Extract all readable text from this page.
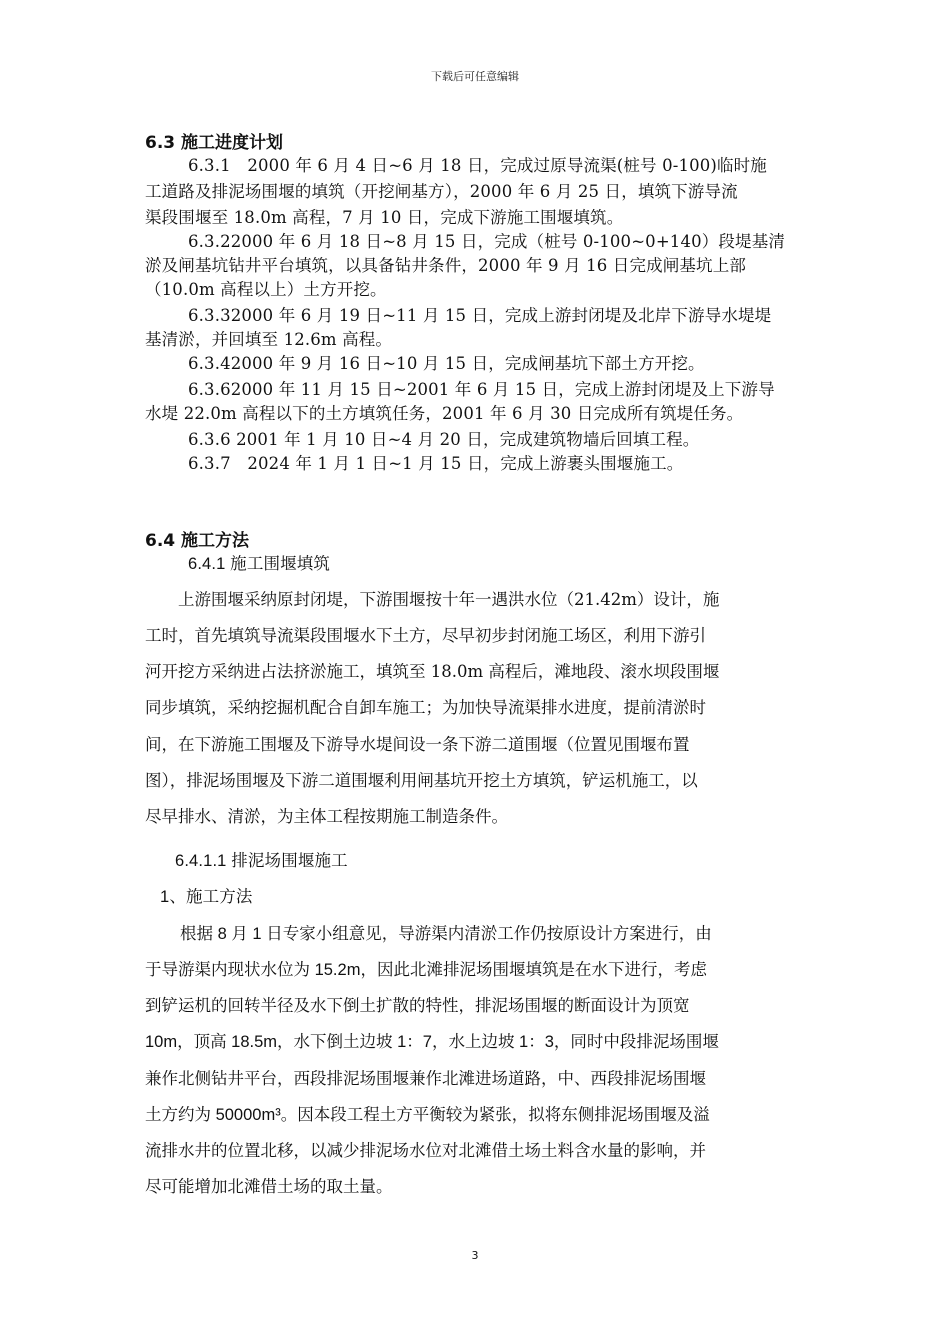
下载后可任意编辑
6.3 施工进度计划
6.3.1　2000 年 6 月 4 日~6 月 18 日，完成过原导流渠(桩号 0-100)临时施
工道路及排泥场围堰的填筑（开挖闸基方），2000 年 6 月 25 日，填筑下游导流
渠段围堰至 18.0m 高程，7 月 10 日，完成下游施工围堰填筑。
6.3.22000 年 6 月 18 日~8 月 15 日，完成（桩号 0-100~0+140）段堤基清
淤及闸基坑钻井平台填筑，以具备钻井条件，2000 年 9 月 16 日完成闸基坑上部
（10.0m 高程以上）土方开挖。
6.3.32000 年 6 月 19 日~11 月 15 日，完成上游封闭堤及北岸下游导水堤堤
基清淤，并回填至 12.6m 高程。
6.3.42000 年 9 月 16 日~10 月 15 日，完成闸基坑下部土方开挖。
6.3.62000 年 11 月 15 日~2001 年 6 月 15 日，完成上游封闭堤及上下游导
水堤 22.0m 高程以下的土方填筑任务，2001 年 6 月 30 日完成所有筑堤任务。
6.3.6 2001 年 1 月 10 日~4 月 20 日，完成建筑物墙后回填工程。
6.3.7　2024 年 1 月 1 日~1 月 15 日，完成上游裹头围堰施工。
6.4 施工方法
6.4.1 施工围堰填筑
上游围堰采纳原封闭堤，下游围堰按十年一遇洪水位（21.42m）设计，施
工时，首先填筑导流渠段围堰水下土方，尽早初步封闭施工场区，利用下游引
河开挖方采纳进占法挤淤施工，填筑至 18.0m 高程后，滩地段、滚水坝段围堰
同步填筑，采纳挖掘机配合自卸车施工；为加快导流渠排水进度，提前清淤时
间，在下游施工围堰及下游导水堤间设一条下游二道围堰（位置见围堰布置
图），排泥场围堰及下游二道围堰利用闸基坑开挖土方填筑，铲运机施工，以
尽早排水、清淤，为主体工程按期施工制造条件。
6.4.1.1 排泥场围堰施工
1、施工方法
根据 8 月 1 日专家小组意见，导游渠内清淤工作仍按原设计方案进行，由
于导游渠内现状水位为 15.2m，因此北滩排泥场围堰填筑是在水下进行，考虑
到铲运机的回转半径及水下倒土扩散的特性，排泥场围堰的断面设计为顶宽
10m，顶高 18.5m，水下倒土边坡 1：7，水上边坡 1：3，同时中段排泥场围堰
兼作北侧钻井平台，西段排泥场围堰兼作北滩进场道路，中、西段排泥场围堰
土方约为 50000m³。因本段工程土方平衡较为紧张，拟将东侧排泥场围堰及溢
流排水井的位置北移，以减少排泥场水位对北滩借土场土料含水量的影响，并
尽可能增加北滩借土场的取土量。
3
